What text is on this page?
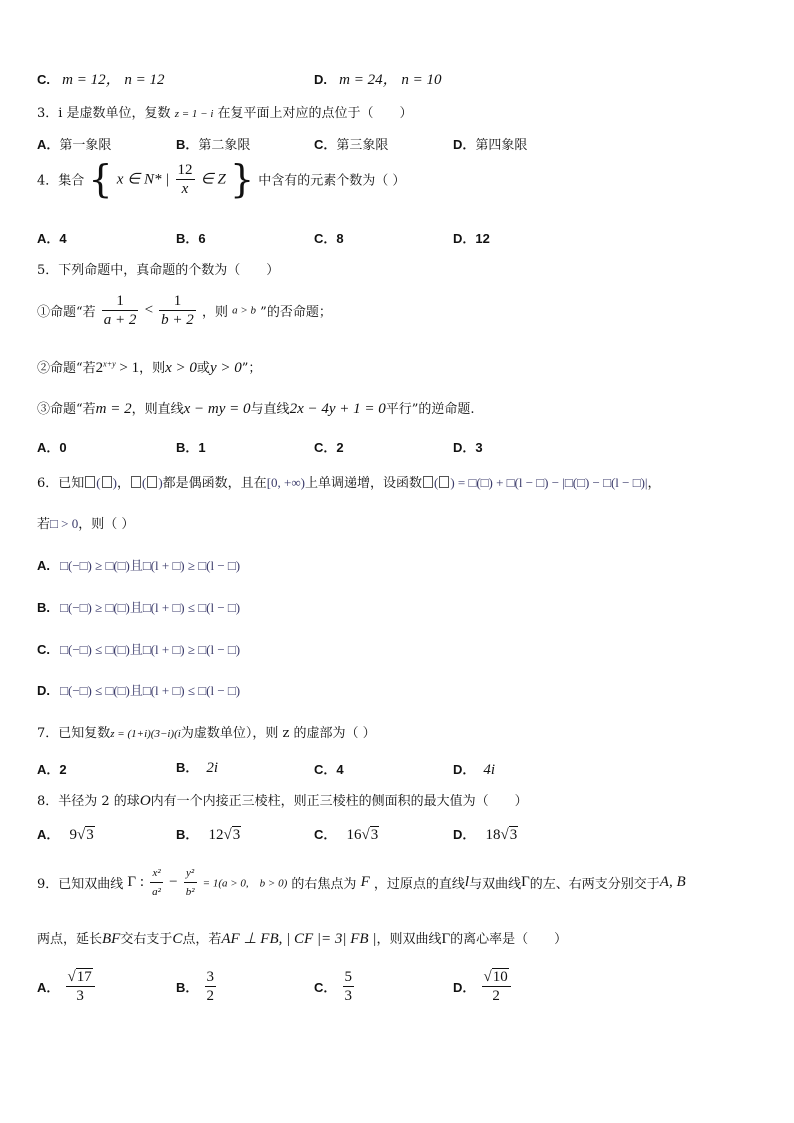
C. m = 12， n = 12	D. m = 24， n = 10
3．i 是虚数单位，复数 z = 1 − i 在复平面上对应的点位于（　　）
A．第一象限	B．第二象限	C．第三象限	D．第四象限
4．集合 { x ∈ N* | $\frac{12}{x}$ ∈ Z } 中含有的元素个数为（ ）
A．4	B．6	C．8	D．12
5．下列命题中，真命题的个数为（　　）
①命题“若 $\frac{1}{a + 2} < \frac{1}{b + 2}$ ，则 a > b ”的否命题；
②命题“若$2^{x+y} > 1$，则x > 0或y > 0”；
③命题“若m = 2，则直线x − my = 0与直线2x − 4y + 1 = 0平行”的逆命题.
A．0	B．1	C．2	D．3
6．已知 ( )， ( )都是偶函数，且在[0, +∞)上单调递增，设函数 ( ) = □(□) + □(l − □) − |□(□) − □(l − □)|，
若□ > 0，则（ ）
A. □(−□) ≥ □(□)且□(l + □) ≥ □(l − □)
B. □(−□) ≥ □(□)且□(l + □) ≤ □(l − □)
C. □(−□) ≤ □(□)且□(l + □) ≥ □(l − □)
D. □(−□) ≤ □(□)且□(l + □) ≤ □(l − □)
7．已知复数z = (1+i)(3−i)(i为虚数单位），则 z 的虚部为（ ）
A．2	B． 2i	C．4	D． 4i
8．半径为 2 的球O内有一个内接正三棱柱，则正三棱柱的侧面积的最大值为（　　）
A． 9√3	B． 12√3	C． 16√3	D． 18√3
9．已知双曲线 Γ : $\frac{\text{x²}}{\text{a²}} - \frac{\text{y²}}{\text{b²}} = 1(a > 0$,　b > 0) 的右焦点为 F ，过原点的直线l与双曲线Γ的左、右两支分别交于A, B
两点，延长BF交右支于C点，若AF ⊥ FB, | CF |= 3| FB |，则双曲线Γ的离心率是（　　）
A． $\frac{√17}{3}$	B． $\frac{3}{2}$	C． $\frac{5}{3}$	D． $\frac{√10}{2}$
